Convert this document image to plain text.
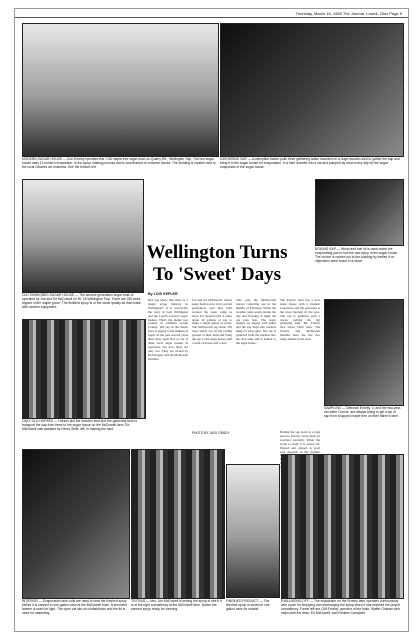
Thursday, March 18, 1965 The Journal, Lowell, Ohio Page 5
MODERN SUGAR HOUSE — Don Erneby operates this 7-66 maple tree sugar bush on Quarry Rd., Wellington Twp. The two sugar house uses 13 modern evaporator. In the syrup making process and is constructed of concrete blocks. The building is located next to the local Cleaves ice business. See the bottom left
GATHERING SAP — A caterpillar tractor pulls three gathering tanks mounted on a huge wooden sled to gather the sap and bring it to the sugar house for evaporation. It is then drained into a vat and pumped by hand every day for the sugar evaporator in the sugar house.
OLD FASHIONED SUGAR HOUSE — The second generation sugar bush is operated by Joe and Ed McDowell on Rt. 18 Wellington Twp. There are 250 trees tapped in the maple grove. The finished syrup is of the same quality as that made with modern equipment.
Wellington Turns
To 'Sweet' Days
BOILING SAP — Wood and fuel oil is used under the evaporating pan to boil the raw syrup in the sugar house. The choice is carried out to the building by kettles if no objections were found in a stove.
By LOIS KEPLER
Did you know that there is a maple syrup industry in Wellington? It is practically the story of both Wellington and the Lorain County's sugar bushes. That's the maple tree country in southern Lorain County. The sap in the maple trees is tapped to the making of sugar. In the past several years there have been five or six of these local sugar bushes in operation, but now there are only two. They are owned by Don Erneby and the McDowell brothers.
Joe and Ed McDowell, whose sugar bush is now in its second generation, says they both worked the sugar camp as boys. Ed reported that it takes about 40 gallons of sap to make a single gallon of syrup. The McDowells tap about 250 trees which are on the rolling ground of their farm and bring the sap to the sugar house with a team of horses and a sled.
This year the McDowells started collecting sap in the middle of February. When the weather turns warm during the day and freezing at night the sap runs best. The sugar maples are tapped with spiles and the sap drips into buckets hung on each spile. The sap is gathered from the buckets into the sled tank and is hauled to the sugar house.
The Erneby farm has a new sugar house with a modern evaporator and the operation is the most modern in the area. The sap is gathered with a tractor pulling the big gathering tank. Mr. Erneby taps about 1600 trees. The Erneby and McDowell families have the last two sugar bushes in the area.
ONLY OLD HORSES — Horses pull the wooden sled and the gathering tank to transport the sap from trees to the sugar house on the McDowell farm. Ed McDowell was assisted by Henry Sells, left, in making the haul.
SAMPLING — Deborah Erneby, 4, and her two-year-old sister Connie, are always trying to get a sip of sap from a tapped maple tree on their father's farm.
PHOTO BY JACK GRADY	Boiling the sap down is a long process and the syrup must be watched carefully. When the syrup is ready it is drawn off, filtered and canned. A good year depends on the weather
INTERIOR — Evaporation tank coils are used to heat the finished syrup before it is canned in one-gallon cans at the McDowell bush. A kerosene lantern is used for light. The open vat sits on cinderblocks and the lid is used for marketing.
TESTING — Mrs. Joe McDowell is testing the syrup to see if it is of the right consistency at the McDowell farm. Notice the canned syrup ready for canning.
FINISHED PRODUCT — The finished syrup is stored in one gallon cans for market.
EVALUATING OFF — The evaporator on the Erneby farm operates continuously with a pan for emptying and discharging the syrup when it has reached the proper consistency. Forest left are Cliff Erneby, operator of the bush; Walter Gutman who helps with the work; Ed McDowell; and Reuben Campbell.
